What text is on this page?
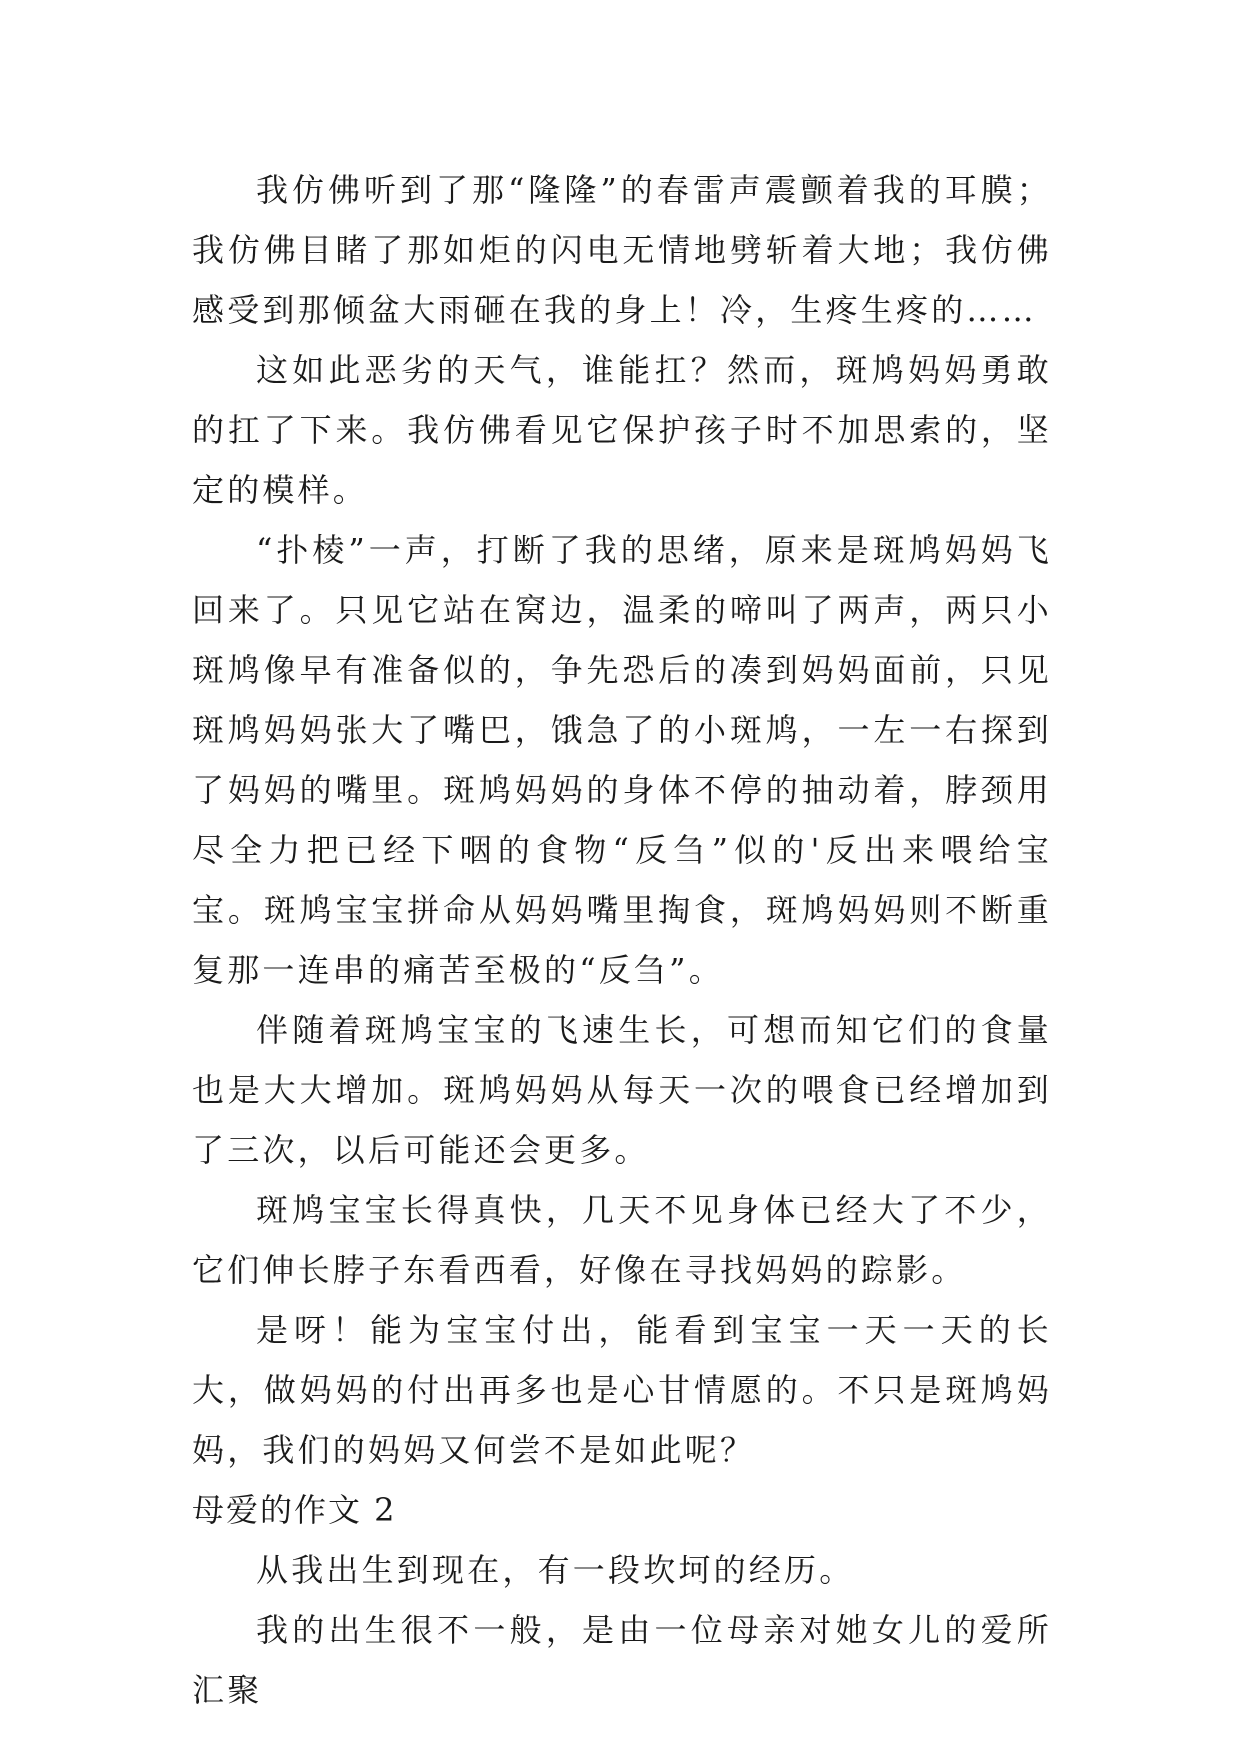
我仿佛听到了那“隆隆”的春雷声震颤着我的耳膜；我仿佛目睹了那如炬的闪电无情地劈斩着大地；我仿佛感受到那倾盆大雨砸在我的身上！冷，生疼生疼的……

这如此恶劣的天气，谁能扛？然而，斑鸠妈妈勇敢的扛了下来。我仿佛看见它保护孩子时不加思索的，坚定的模样。

“扑棱”一声，打断了我的思绪，原来是斑鸠妈妈飞回来了。只见它站在窝边，温柔的啼叫了两声，两只小斑鸠像早有准备似的，争先恐后的凑到妈妈面前，只见斑鸠妈妈张大了嘴巴，饿急了的小斑鸠，一左一右探到了妈妈的嘴里。斑鸠妈妈的身体不停的抽动着，脖颈用尽全力把已经下咽的食物“反刍”似的'反出来喂给宝宝。斑鸠宝宝拼命从妈妈嘴里掏食，斑鸠妈妈则不断重复那一连串的痛苦至极的“反刍”。

伴随着斑鸠宝宝的飞速生长，可想而知它们的食量也是大大增加。斑鸠妈妈从每天一次的喂食已经增加到了三次，以后可能还会更多。

斑鸠宝宝长得真快，几天不见身体已经大了不少，它们伸长脖子东看西看，好像在寻找妈妈的踪影。

是呀！能为宝宝付出，能看到宝宝一天一天的长大，做妈妈的付出再多也是心甘情愿的。不只是斑鸠妈妈，我们的妈妈又何尝不是如此呢？

母爱的作文 2

从我出生到现在，有一段坎坷的经历。

我的出生很不一般，是由一位母亲对她女儿的爱所汇聚
